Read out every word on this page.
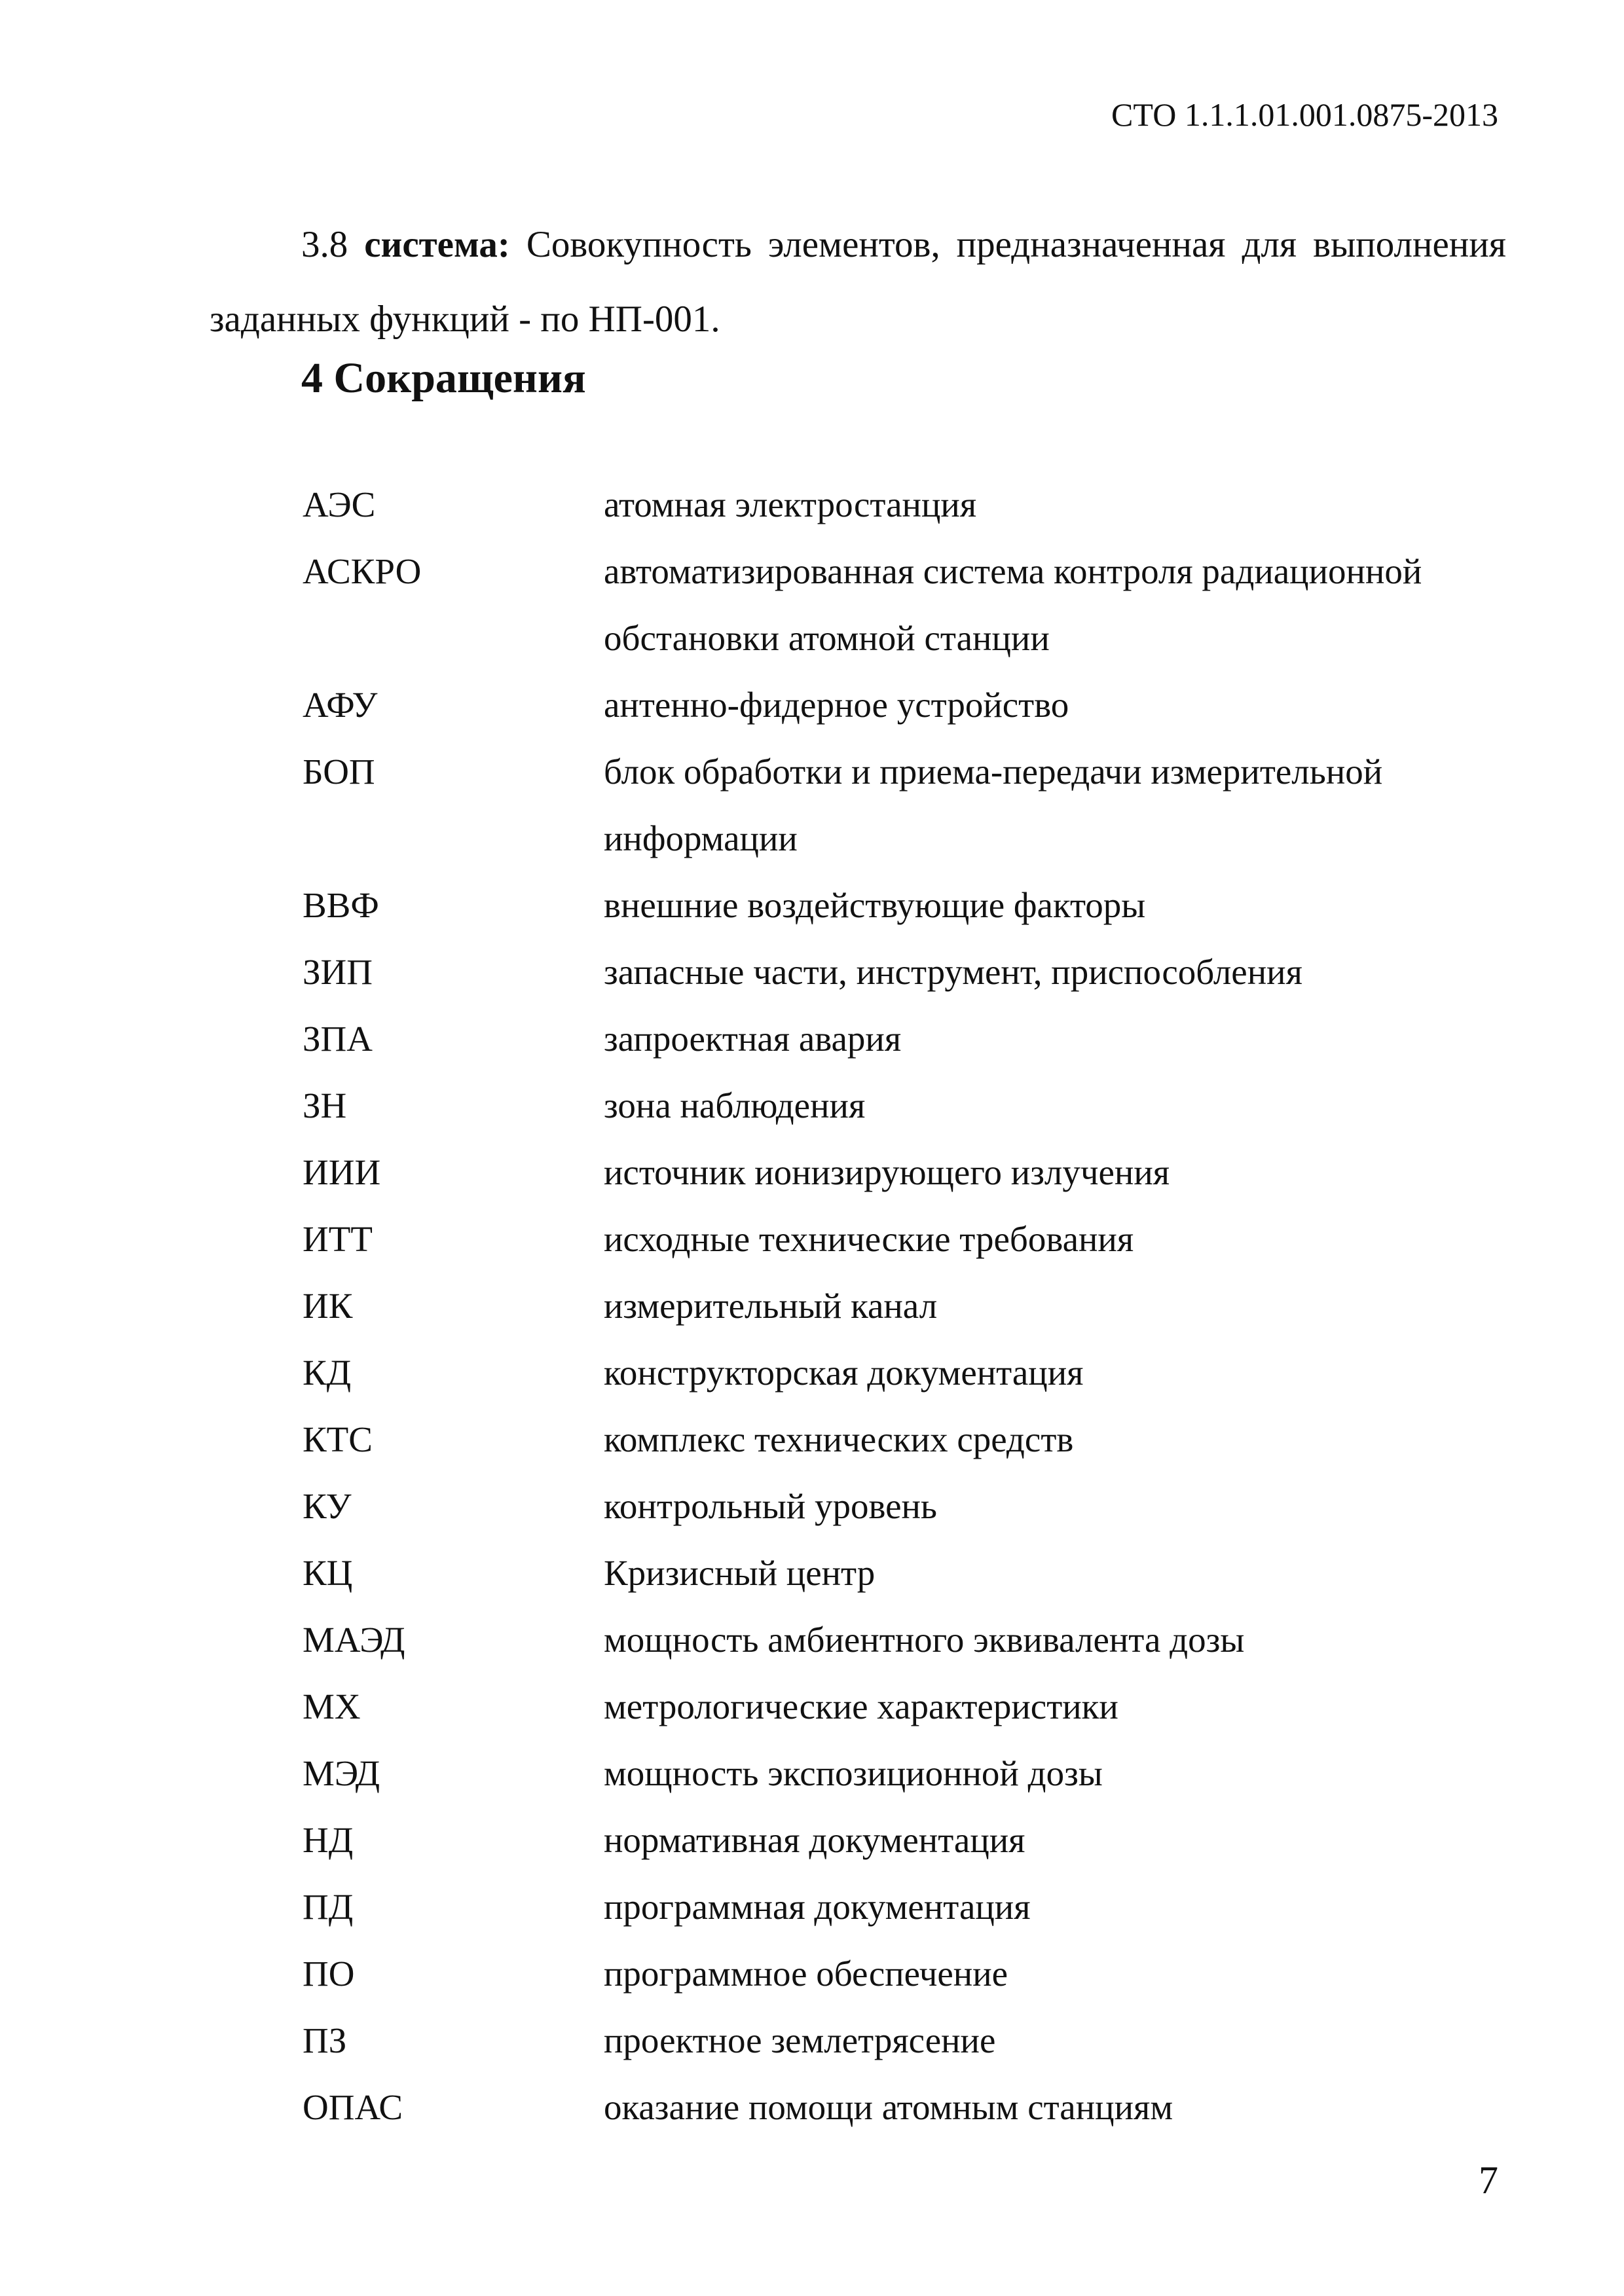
СТО 1.1.1.01.001.0875-2013

3.8 система: Совокупность элементов, предназначенная для выполнения заданных функций - по НП-001.

4 Сокращения
АЭС	атомная электростанция
АСКРО	автоматизированная система контроля радиационной обстановки атомной станции
АФУ	антенно-фидерное устройство
БОП	блок обработки и приема-передачи измерительной информации
ВВФ	внешние воздействующие факторы
ЗИП	запасные части, инструмент, приспособления
ЗПА	запроектная авария
ЗН	зона наблюдения
ИИИ	источник ионизирующего излучения
ИТТ	исходные технические требования
ИК	измерительный канал
КД	конструкторская документация
КТС	комплекс технических средств
КУ	контрольный уровень
КЦ	Кризисный центр
МАЭД	мощность амбиентного эквивалента дозы
МХ	метрологические характеристики
МЭД	мощность экспозиционной дозы
НД	нормативная документация
ПД	программная документация
ПО	программное обеспечение
ПЗ	проектное землетрясение
ОПАС	оказание помощи атомным станциям
7
